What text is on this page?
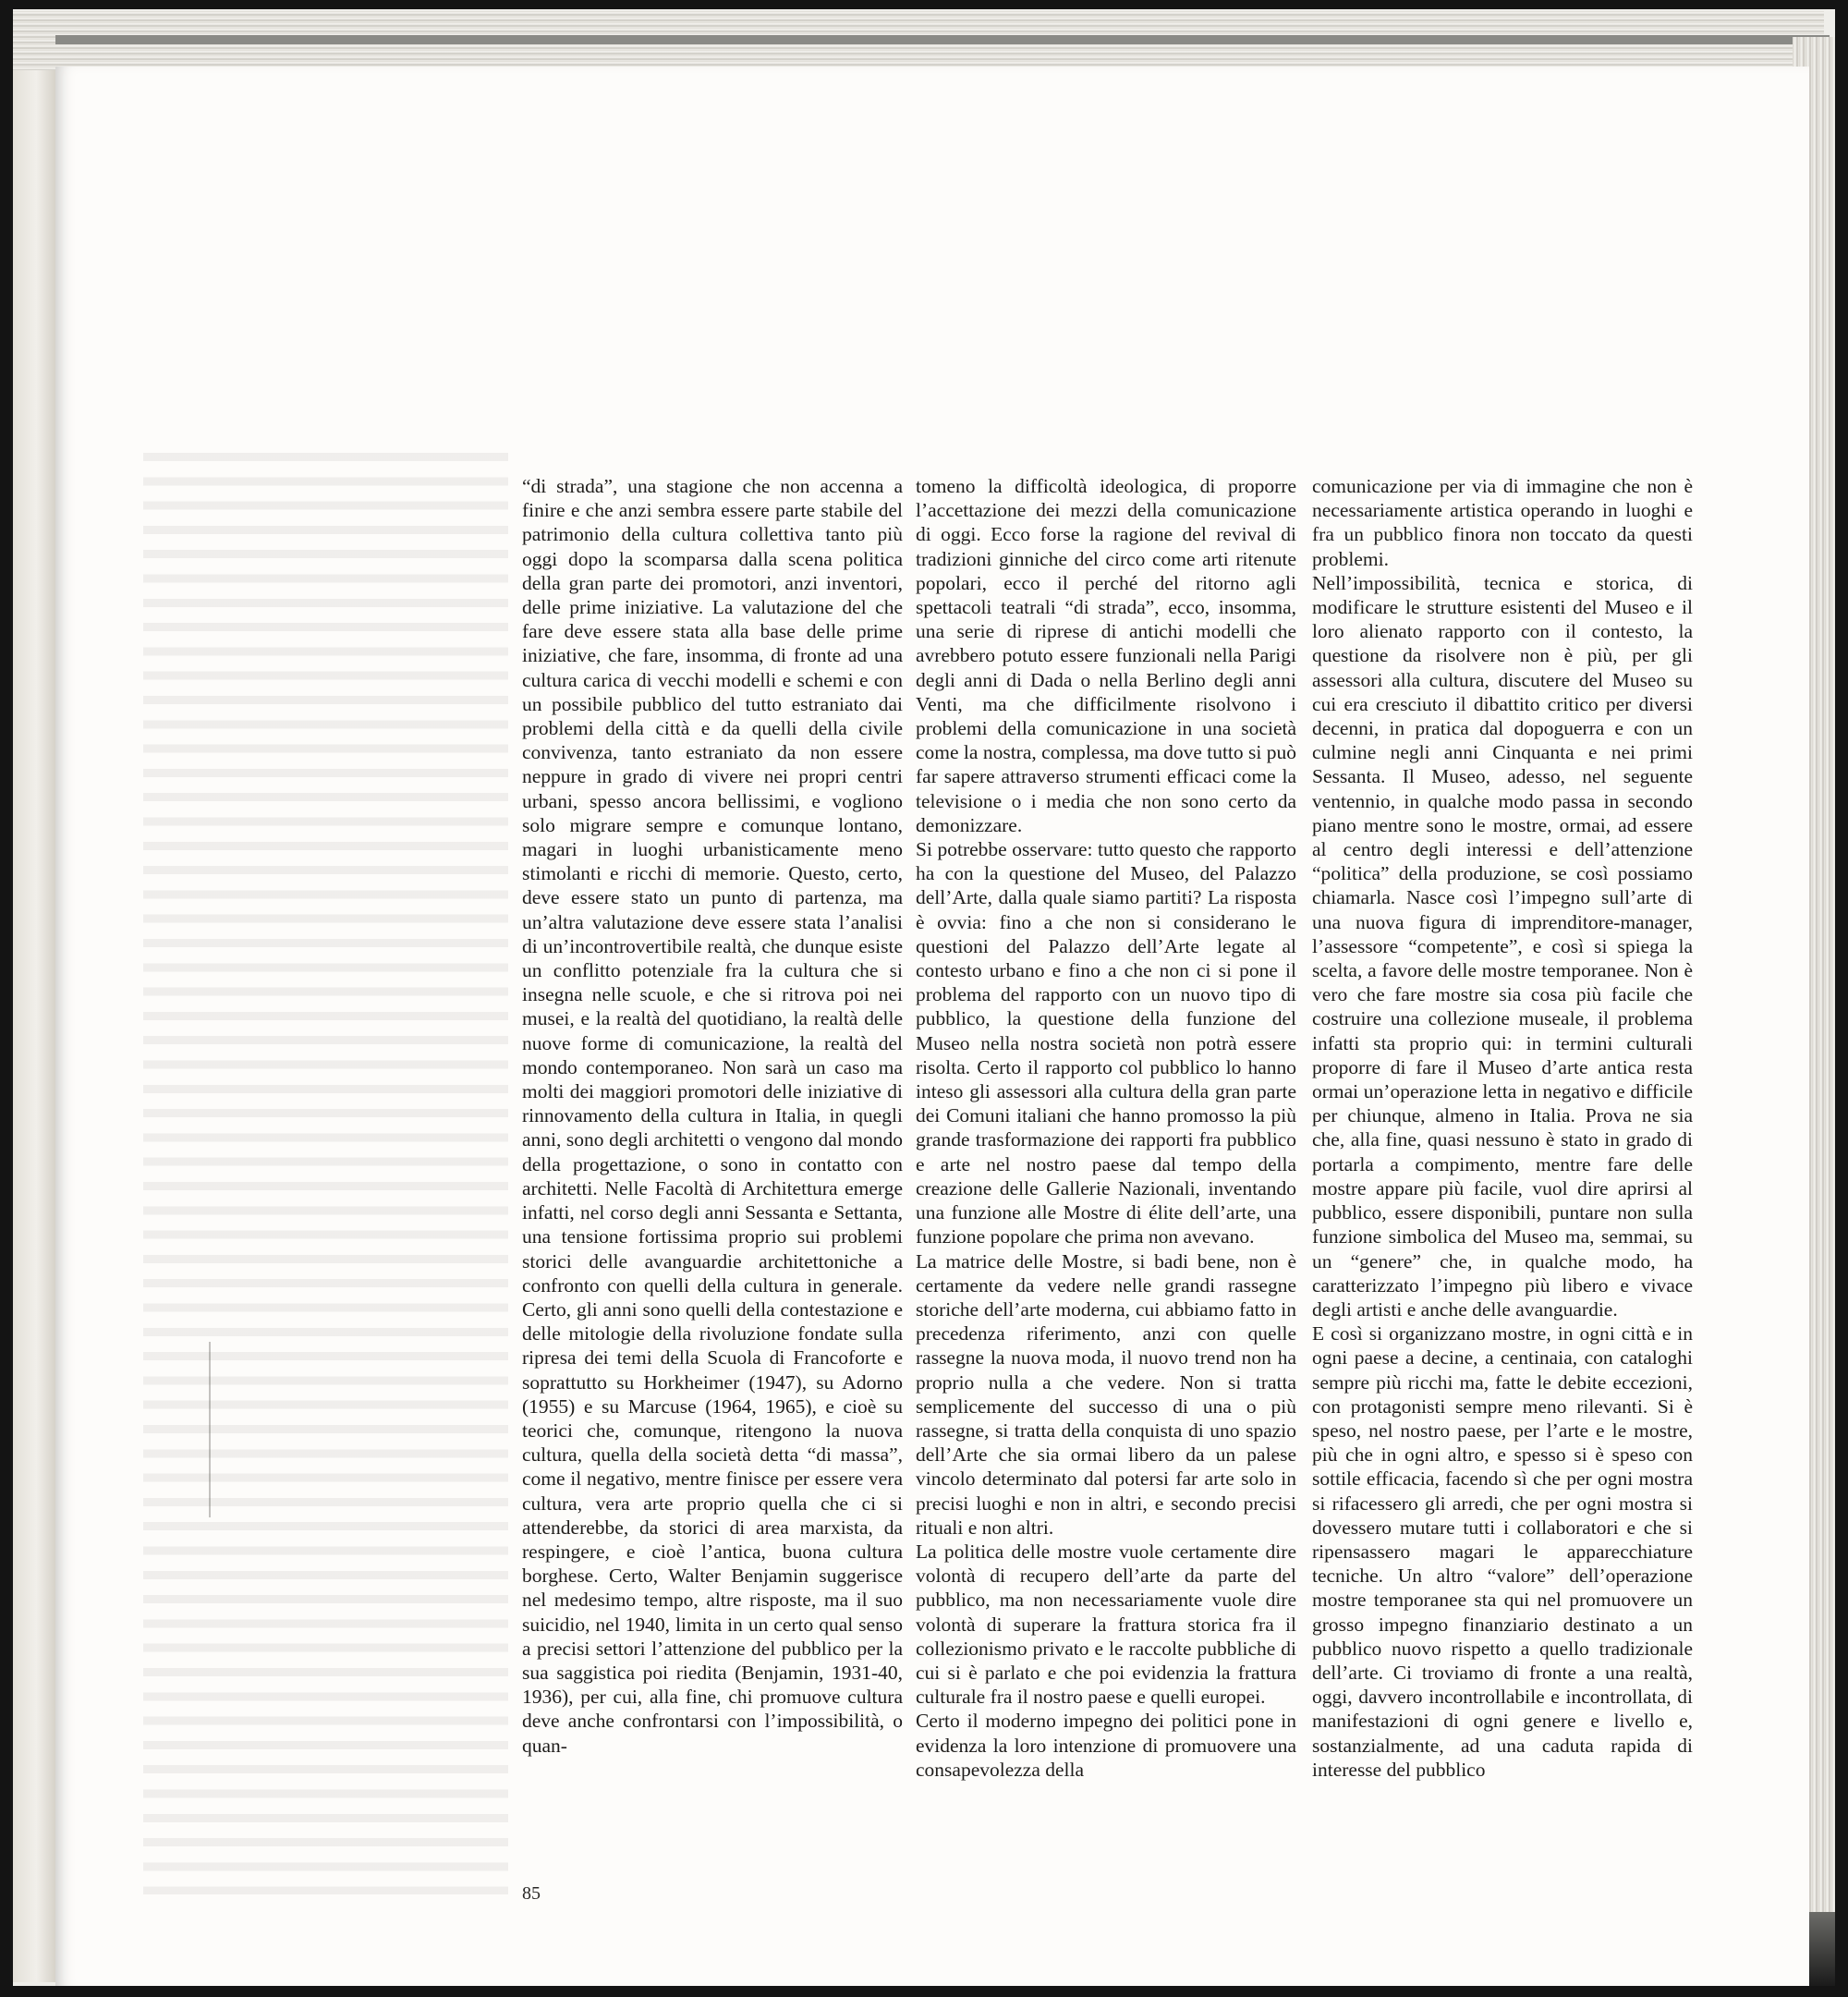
“di strada”, una stagione che non accenna a finire e che anzi sembra essere parte stabile del patrimonio della cultura collettiva tanto più oggi dopo la scomparsa dalla scena politica della gran parte dei promotori, anzi inventori, delle prime iniziative. La valutazione del che fare deve essere stata alla base delle prime iniziative, che fare, insomma, di fronte ad una cultura carica di vecchi modelli e schemi e con un possibile pubblico del tutto estraniato dai problemi della città e da quelli della civile convivenza, tanto estraniato da non essere neppure in grado di vivere nei propri centri urbani, spesso ancora bellissimi, e vogliono solo migrare sempre e comunque lontano, magari in luoghi urbanisticamente meno stimolanti e ricchi di memorie. Questo, certo, deve essere stato un punto di partenza, ma un’altra valutazione deve essere stata l’analisi di un’incontrovertibile realtà, che dunque esiste un conflitto potenziale fra la cultura che si insegna nelle scuole, e che si ritrova poi nei musei, e la realtà del quotidiano, la realtà delle nuove forme di comunicazione, la realtà del mondo contemporaneo. Non sarà un caso ma molti dei maggiori promotori delle iniziative di rinnovamento della cultura in Italia, in quegli anni, sono degli architetti o vengono dal mondo della progettazione, o sono in contatto con architetti. Nelle Facoltà di Architettura emerge infatti, nel corso degli anni Sessanta e Settanta, una tensione fortissima proprio sui problemi storici delle avanguardie architettoniche a confronto con quelli della cultura in generale. Certo, gli anni sono quelli della contestazione e delle mitologie della rivoluzione fondate sulla ripresa dei temi della Scuola di Francoforte e soprattutto su Horkheimer (1947), su Adorno (1955) e su Marcuse (1964, 1965), e cioè su teorici che, comunque, ritengono la nuova cultura, quella della società detta “di massa”, come il negativo, mentre finisce per essere vera cultura, vera arte proprio quella che ci si attenderebbe, da storici di area marxista, da respingere, e cioè l’antica, buona cultura borghese. Certo, Walter Benjamin suggerisce nel medesimo tempo, altre risposte, ma il suo suicidio, nel 1940, limita in un certo qual senso a precisi settori l’attenzione del pubblico per la sua saggistica poi riedita (Benjamin, 1931-40, 1936), per cui, alla fine, chi promuove cultura deve anche confrontarsi con l’impossibilità, o quan-

tomeno la difficoltà ideologica, di proporre l’accettazione dei mezzi della comunicazione di oggi. Ecco forse la ragione del revival di tradizioni ginniche del circo come arti ritenute popolari, ecco il perché del ritorno agli spettacoli teatrali “di strada”, ecco, insomma, una serie di riprese di antichi modelli che avrebbero potuto essere funzionali nella Parigi degli anni di Dada o nella Berlino degli anni Venti, ma che difficilmente risolvono i problemi della comunicazione in una società come la nostra, complessa, ma dove tutto si può far sapere attraverso strumenti efficaci come la televisione o i media che non sono certo da demonizzare.

Si potrebbe osservare: tutto questo che rapporto ha con la questione del Museo, del Palazzo dell’Arte, dalla quale siamo partiti? La risposta è ovvia: fino a che non si considerano le questioni del Palazzo dell’Arte legate al contesto urbano e fino a che non ci si pone il problema del rapporto con un nuovo tipo di pubblico, la questione della funzione del Museo nella nostra società non potrà essere risolta. Certo il rapporto col pubblico lo hanno inteso gli assessori alla cultura della gran parte dei Comuni italiani che hanno promosso la più grande trasformazione dei rapporti fra pubblico e arte nel nostro paese dal tempo della creazione delle Gallerie Nazionali, inventando una funzione alle Mostre di élite dell’arte, una funzione popolare che prima non avevano.

La matrice delle Mostre, si badi bene, non è certamente da vedere nelle grandi rassegne storiche dell’arte moderna, cui abbiamo fatto in precedenza riferimento, anzi con quelle rassegne la nuova moda, il nuovo trend non ha proprio nulla a che vedere. Non si tratta semplicemente del successo di una o più rassegne, si tratta della conquista di uno spazio dell’Arte che sia ormai libero da un palese vincolo determinato dal potersi far arte solo in precisi luoghi e non in altri, e secondo precisi rituali e non altri.

La politica delle mostre vuole certamente dire volontà di recupero dell’arte da parte del pubblico, ma non necessariamente vuole dire volontà di superare la frattura storica fra il collezionismo privato e le raccolte pubbliche di cui si è parlato e che poi evidenzia la frattura culturale fra il nostro paese e quelli europei.

Certo il moderno impegno dei politici pone in evidenza la loro intenzione di promuovere una consapevolezza della

comunicazione per via di immagine che non è necessariamente artistica operando in luoghi e fra un pubblico finora non toccato da questi problemi.

Nell’impossibilità, tecnica e storica, di modificare le strutture esistenti del Museo e il loro alienato rapporto con il contesto, la questione da risolvere non è più, per gli assessori alla cultura, discutere del Museo su cui era cresciuto il dibattito critico per diversi decenni, in pratica dal dopoguerra e con un culmine negli anni Cinquanta e nei primi Sessanta. Il Museo, adesso, nel seguente ventennio, in qualche modo passa in secondo piano mentre sono le mostre, ormai, ad essere al centro degli interessi e dell’attenzione “politica” della produzione, se così possiamo chiamarla. Nasce così l’impegno sull’arte di una nuova figura di imprenditore-manager, l’assessore “competente”, e così si spiega la scelta, a favore delle mostre temporanee. Non è vero che fare mostre sia cosa più facile che costruire una collezione museale, il problema infatti sta proprio qui: in termini culturali proporre di fare il Museo d’arte antica resta ormai un’operazione letta in negativo e difficile per chiunque, almeno in Italia. Prova ne sia che, alla fine, quasi nessuno è stato in grado di portarla a compimento, mentre fare delle mostre appare più facile, vuol dire aprirsi al pubblico, essere disponibili, puntare non sulla funzione simbolica del Museo ma, semmai, su un “genere” che, in qualche modo, ha caratterizzato l’impegno più libero e vivace degli artisti e anche delle avanguardie.

E così si organizzano mostre, in ogni città e in ogni paese a decine, a centinaia, con cataloghi sempre più ricchi ma, fatte le debite eccezioni, con protagonisti sempre meno rilevanti. Si è speso, nel nostro paese, per l’arte e le mostre, più che in ogni altro, e spesso si è speso con sottile efficacia, facendo sì che per ogni mostra si rifacessero gli arredi, che per ogni mostra si dovessero mutare tutti i collaboratori e che si ripensassero magari le apparecchiature tecniche. Un altro “valore” dell’operazione mostre temporanee sta qui nel promuovere un grosso impegno finanziario destinato a un pubblico nuovo rispetto a quello tradizionale dell’arte. Ci troviamo di fronte a una realtà, oggi, davvero incontrollabile e incontrollata, di manifestazioni di ogni genere e livello e, sostanzialmente, ad una caduta rapida di interesse del pubblico

85
